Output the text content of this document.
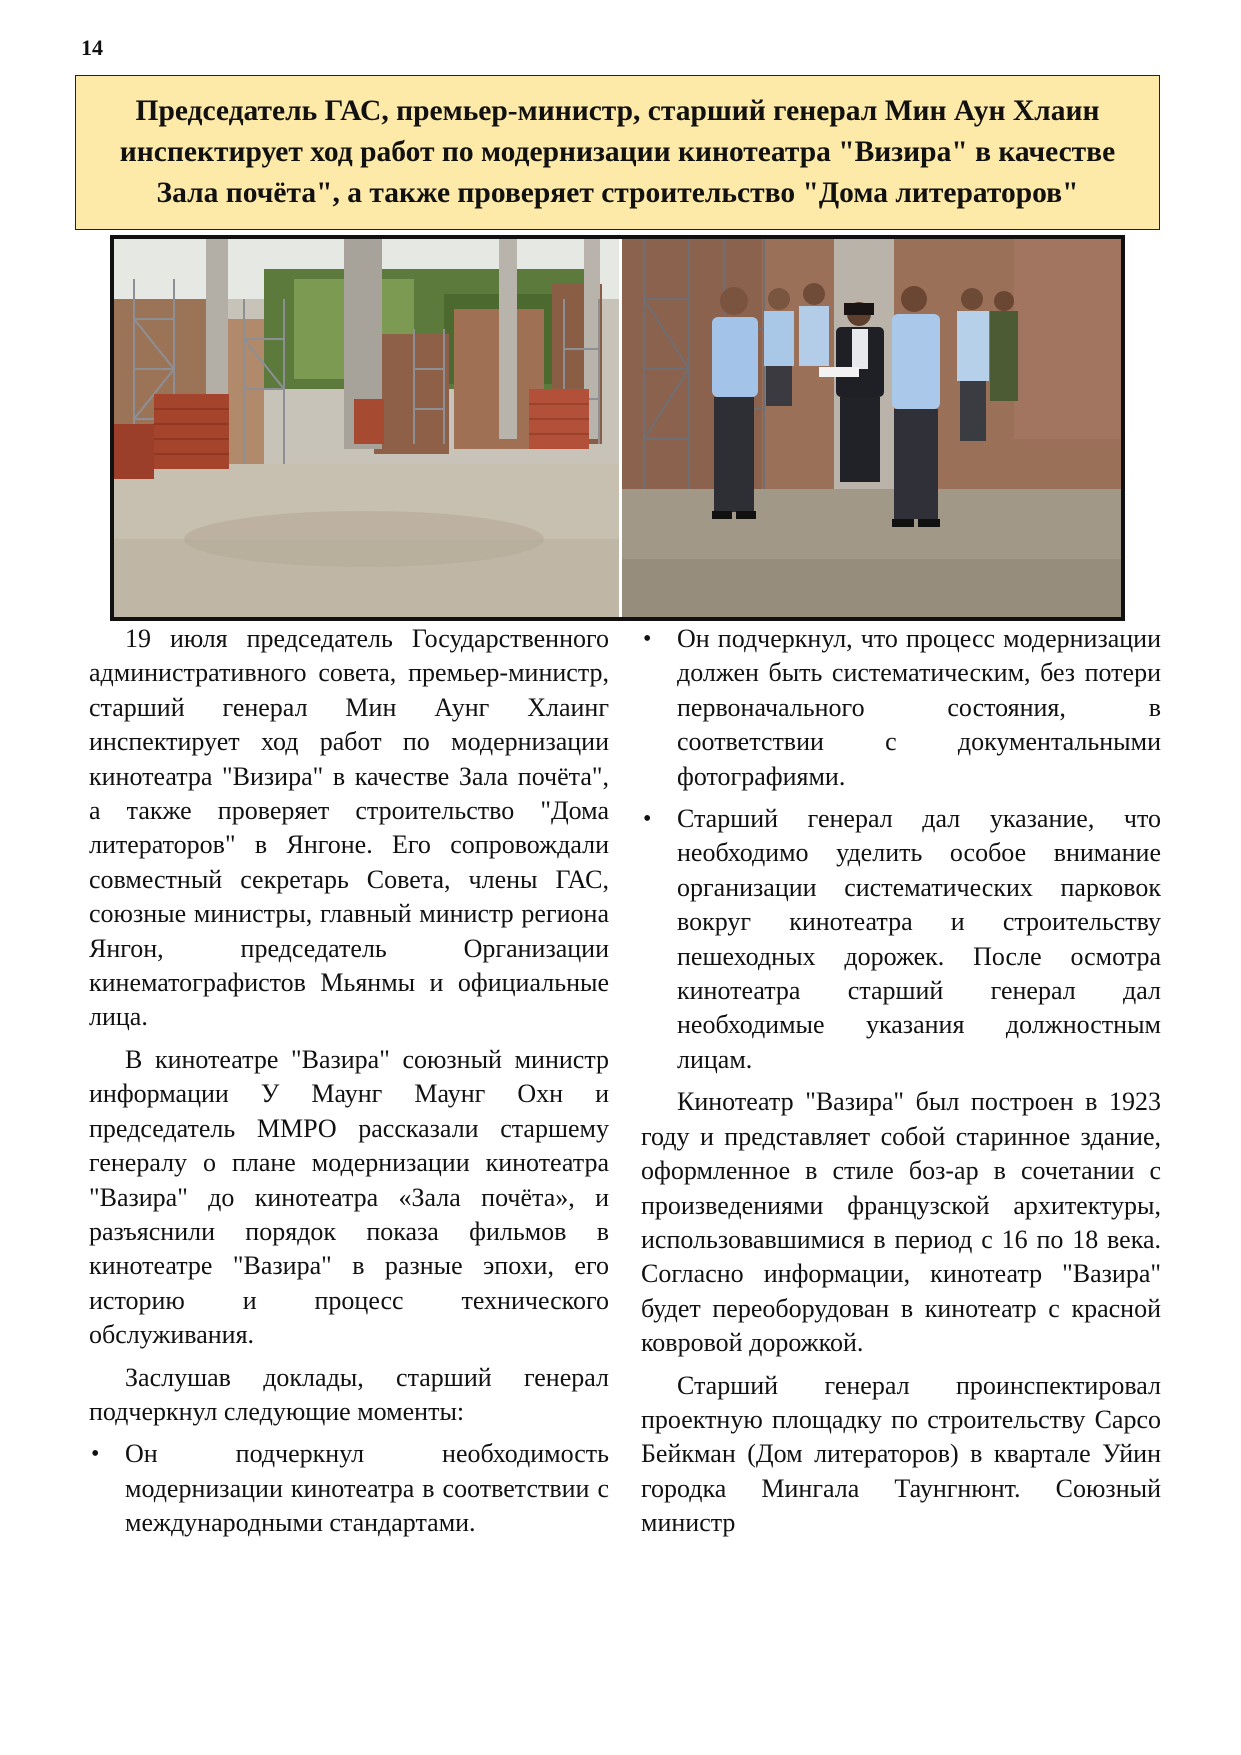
14
Председатель ГАС, премьер-министр, старший генерал Мин Аун Хлаин инспектирует ход работ по модернизации кинотеатра "Визира" в качестве Зала почёта", а также проверяет строительство "Дома литераторов"

19 июля председатель Государственного административного совета, премьер-министр, старший генерал Мин Аунг Хлаинг инспектирует ход работ по модернизации кинотеатра "Визира" в качестве Зала почёта", а также проверяет строительство "Дома литераторов" в Янгоне. Его сопровождали совместный секретарь Совета, члены ГАС, союзные министры, главный министр региона Янгон, председатель Организации кинематографистов Мьянмы и официальные лица.

В кинотеатре "Вазира" союзный министр информации У Маунг Маунг Охн и председатель ММРО рассказали старшему генералу о плане модернизации кинотеатра "Вазира" до кинотеатра «Зала почёта», и разъяснили порядок показа фильмов в кинотеатре "Вазира" в разные эпохи, его историю и процесс технического обслуживания.

Заслушав доклады, старший генерал подчеркнул следующие моменты:

• Он подчеркнул необходимость модернизации кинотеатра в соответствии с международными стандартами.

• Он подчеркнул, что процесс модернизации должен быть систематическим, без потери первоначального состояния, в соответствии с документальными фотографиями.

• Старший генерал дал указание, что необходимо уделить особое внимание организации систематических парковок вокруг кинотеатра и строительству пешеходных дорожек. После осмотра кинотеатра старший генерал дал необходимые указания должностным лицам.

Кинотеатр "Вазира" был построен в 1923 году и представляет собой старинное здание, оформленное в стиле боз-ар в сочетании с произведениями французской архитектуры, использовавшимися в период с 16 по 18 века. Согласно информации, кинотеатр "Вазира" будет переоборудован в кинотеатр с красной ковровой дорожкой.

Старший генерал проинспектировал проектную площадку по строительству Сарсо Бейкман (Дом литераторов) в квартале Уйин городка Мингала Таунгнюнт. Союзный министр
